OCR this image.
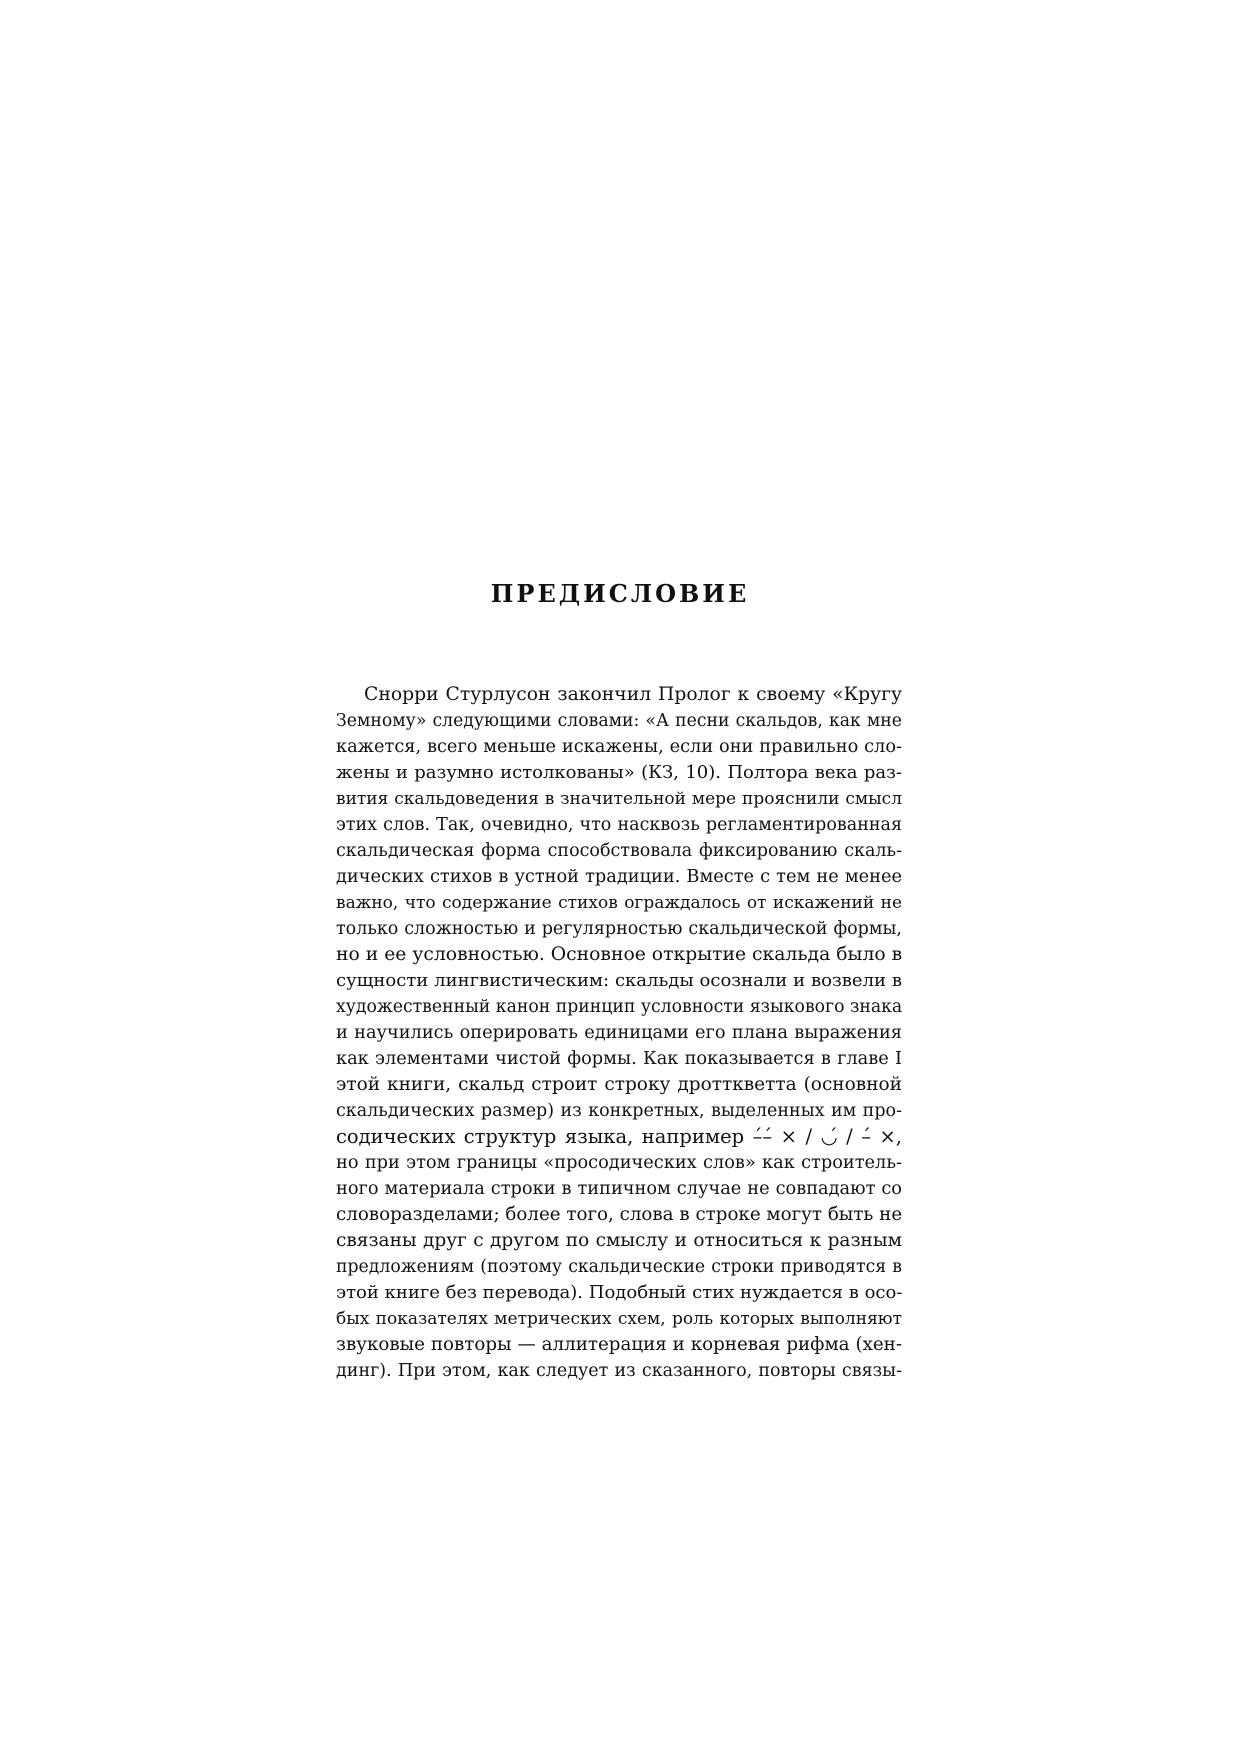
ПРЕДИСЛОВИЕ
Снорри Стурлусон закончил Пролог к своему «Кругу
Земному» следующими словами: «А песни скальдов, как мне
кажется, всего меньше искажены, если они правильно сло-
жены и разумно истолкованы» (КЗ, 10). Полтора века раз-
вития скальдоведения в значительной мере прояснили смысл
этих слов. Так, очевидно, что насквозь регламентированная
скальдическая форма способствовала фиксированию скаль-
дических стихов в устной традиции. Вместе с тем не менее
важно, что содержание стихов ограждалось от искажений не
только сложностью и регулярностью скальдической формы,
но и ее условностью. Основное открытие скальда было в
сущности лингвистическим: скальды осознали и возвели в
художественный канон принцип условности языкового знака
и научились оперировать единицами его плана выражения
как элементами чистой формы. Как показывается в главе I
этой книги, скальд строит строку дротткветта (основной
скальдических размер) из конкретных, выделенных им про-
содических структур языка, например –́–́ × / ◡́ / –́ ×,
но при этом границы «просодических слов» как строитель-
ного материала строки в типичном случае не совпадают со
словоразделами; более того, слова в строке могут быть не
связаны друг с другом по смыслу и относиться к разным
предложениям (поэтому скальдические строки приводятся в
этой книге без перевода). Подобный стих нуждается в осо-
бых показателях метрических схем, роль которых выполняют
звуковые повторы — аллитерация и корневая рифма (хен-
динг). При этом, как следует из сказанного, повторы связы-
